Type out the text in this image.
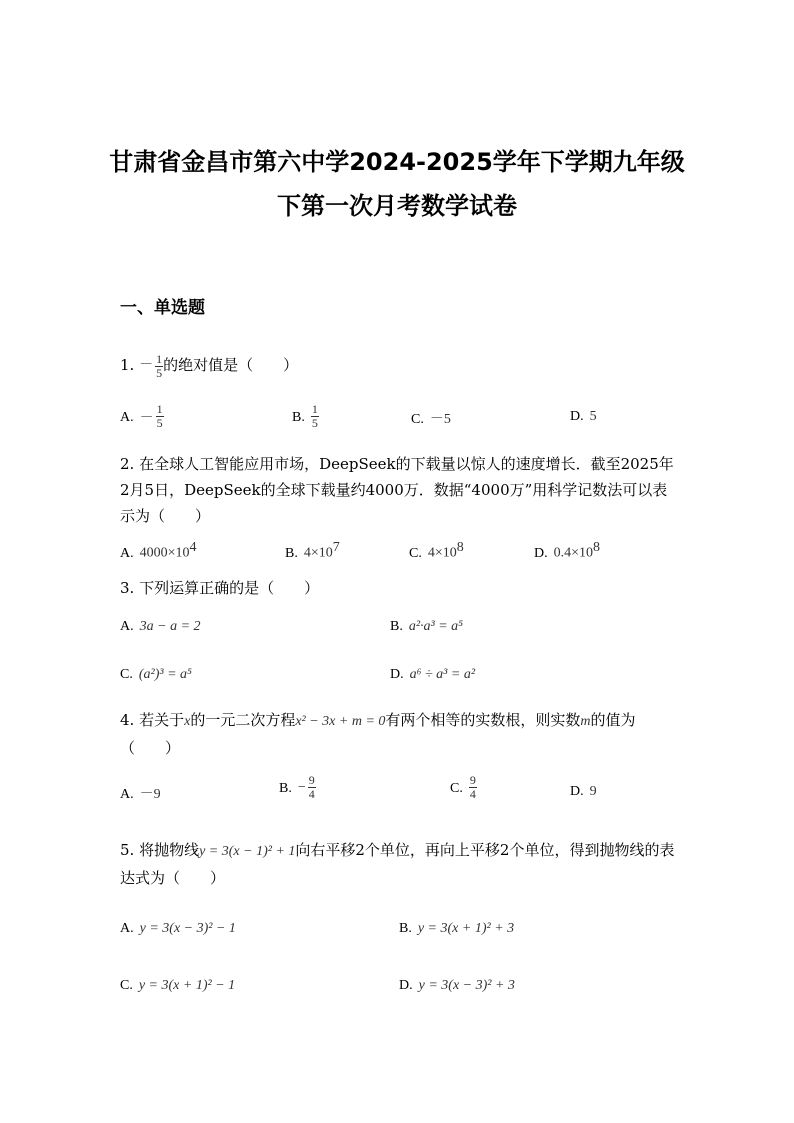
甘肃省金昌市第六中学2024-2025学年下学期九年级下第一次月考数学试卷
一、单选题
1. － $\frac{1}{5}$ 的绝对值是（　　）
A. － $\frac{1}{5}$	B. $\frac{1}{5}$	C. －5	D. 5
2. 在全球人工智能应用市场，DeepSeek的下载量以惊人的速度增长．截至2025年2月5日，DeepSeek的全球下载量约4000万．数据“4000万”用科学记数法可以表示为（　　）
A. $4000\times 10^4$	B. $4\times 10^7$	C. $4\times 10^8$	D. $0.4\times 10^8$
3. 下列运算正确的是（　　）
A. 3a − a = 2	B. a²·a³ = a⁵
C. (a²)³ = a⁵	D. a⁶ ÷ a³ = a²
4. 若关于x的一元二次方程x² − 3x + m = 0有两个相等的实数根，则实数m的值为（　　）
A. －9	B. − $\frac{9}{4}$	C. $\frac{9}{4}$	D. 9
5. 将抛物线y = 3(x − 1)² + 1向右平移2个单位，再向上平移2个单位，得到抛物线的表达式为（　　）
A. y = 3(x − 3)² − 1	B. y = 3(x + 1)² + 3
C. y = 3(x + 1)² − 1	D. y = 3(x − 3)² + 3
